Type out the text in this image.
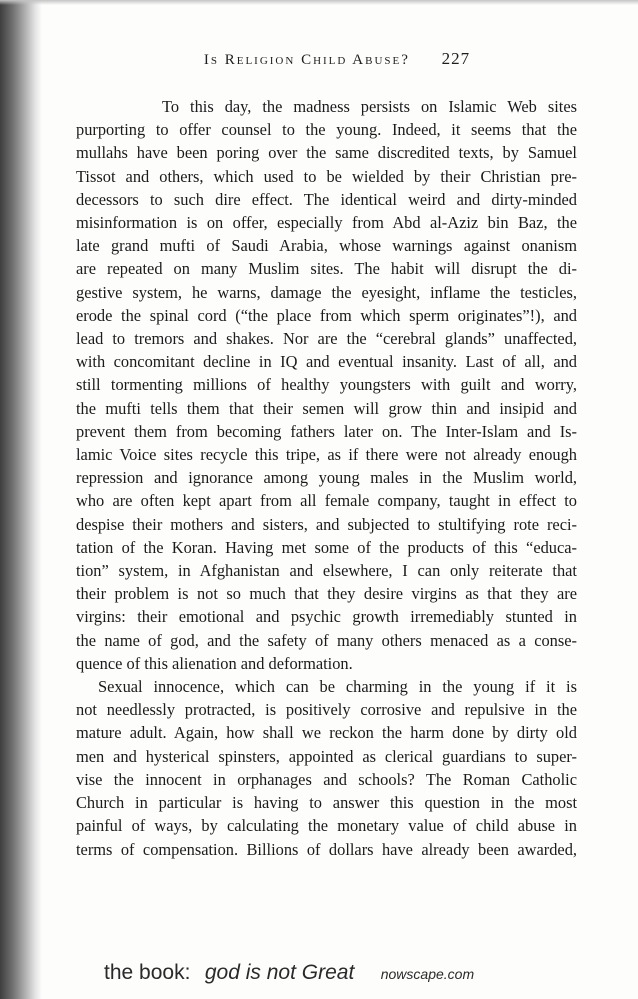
Is Religion Child Abuse? 227

To this day, the madness persists on Islamic Web sites
purporting to offer counsel to the young. Indeed, it seems that the
mullahs have been poring over the same discredited texts, by Samuel
Tissot and others, which used to be wielded by their Christian pre-
decessors to such dire effect. The identical weird and dirty-minded
misinformation is on offer, especially from Abd al-Aziz bin Baz, the
late grand mufti of Saudi Arabia, whose warnings against onanism
are repeated on many Muslim sites. The habit will disrupt the di-
gestive system, he warns, damage the eyesight, inflame the testicles,
erode the spinal cord (“the place from which sperm originates”!), and
lead to tremors and shakes. Nor are the “cerebral glands” unaffected,
with concomitant decline in IQ and eventual insanity. Last of all, and
still tormenting millions of healthy youngsters with guilt and worry,
the mufti tells them that their semen will grow thin and insipid and
prevent them from becoming fathers later on. The Inter-Islam and Is-
lamic Voice sites recycle this tripe, as if there were not already enough
repression and ignorance among young males in the Muslim world,
who are often kept apart from all female company, taught in effect to
despise their mothers and sisters, and subjected to stultifying rote reci-
tation of the Koran. Having met some of the products of this “educa-
tion” system, in Afghanistan and elsewhere, I can only reiterate that
their problem is not so much that they desire virgins as that they are
virgins: their emotional and psychic growth irremediably stunted in
the name of god, and the safety of many others menaced as a conse-
quence of this alienation and deformation.

Sexual innocence, which can be charming in the young if it is
not needlessly protracted, is positively corrosive and repulsive in the
mature adult. Again, how shall we reckon the harm done by dirty old
men and hysterical spinsters, appointed as clerical guardians to super-
vise the innocent in orphanages and schools? The Roman Catholic
Church in particular is having to answer this question in the most
painful of ways, by calculating the monetary value of child abuse in
terms of compensation. Billions of dollars have already been awarded,

the book: god is not Great nowscape.com
